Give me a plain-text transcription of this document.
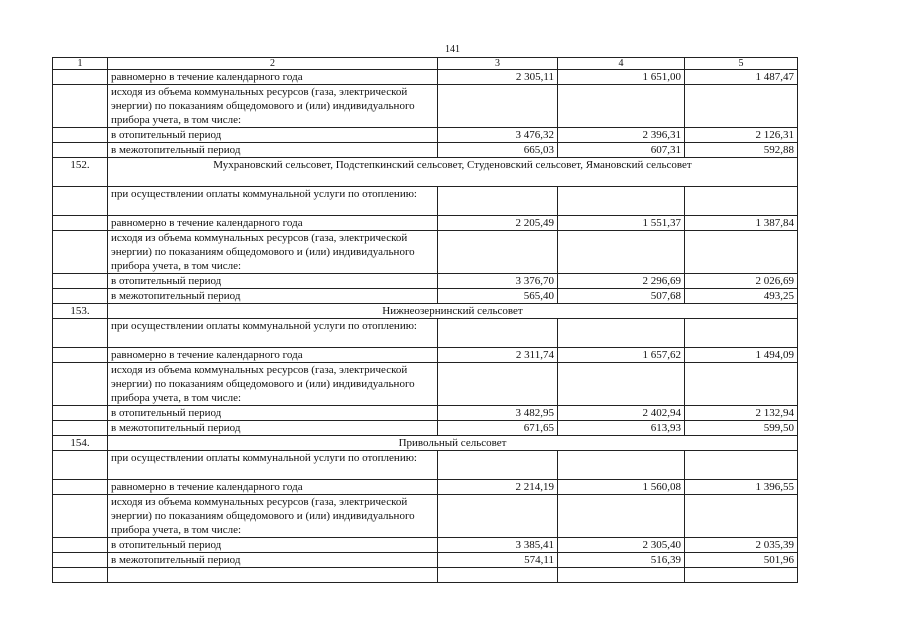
141
1	2	3	4	5
	равномерно в течение календарного года	2 305,11	1 651,00	1 487,47
	исходя из объема коммунальных ресурсов (газа, электрической энергии) по показаниям общедомового и (или) индивидуального прибора учета, в том числе:			
	в отопительный период	3 476,32	2 396,31	2 126,31
	в межотопительный период	665,03	607,31	592,88
152.	Мухрановский сельсовет, Подстепкинский сельсовет, Студеновский сельсовет, Ямановский сельсовет			
	при осуществлении оплаты коммунальной услуги по отоплению:			
	равномерно в течение календарного года	2 205,49	1 551,37	1 387,84
	исходя из объема коммунальных ресурсов (газа, электрической энергии) по показаниям общедомового и (или) индивидуального прибора учета, в том числе:			
	в отопительный период	3 376,70	2 296,69	2 026,69
	в межотопительный период	565,40	507,68	493,25
153.	Нижнеозернинский сельсовет			
	при осуществлении оплаты коммунальной услуги по отоплению:			
	равномерно в течение календарного года	2 311,74	1 657,62	1 494,09
	исходя из объема коммунальных ресурсов (газа, электрической энергии) по показаниям общедомового и (или) индивидуального прибора учета, в том числе:			
	в отопительный период	3 482,95	2 402,94	2 132,94
	в межотопительный период	671,65	613,93	599,50
154.	Привольный сельсовет			
	при осуществлении оплаты коммунальной услуги по отоплению:			
	равномерно в течение календарного года	2 214,19	1 560,08	1 396,55
	исходя из объема коммунальных ресурсов (газа, электрической энергии) по показаниям общедомового и (или) индивидуального прибора учета, в том числе:			
	в отопительный период	3 385,41	2 305,40	2 035,39
	в межотопительный период	574,11	516,39	501,96
